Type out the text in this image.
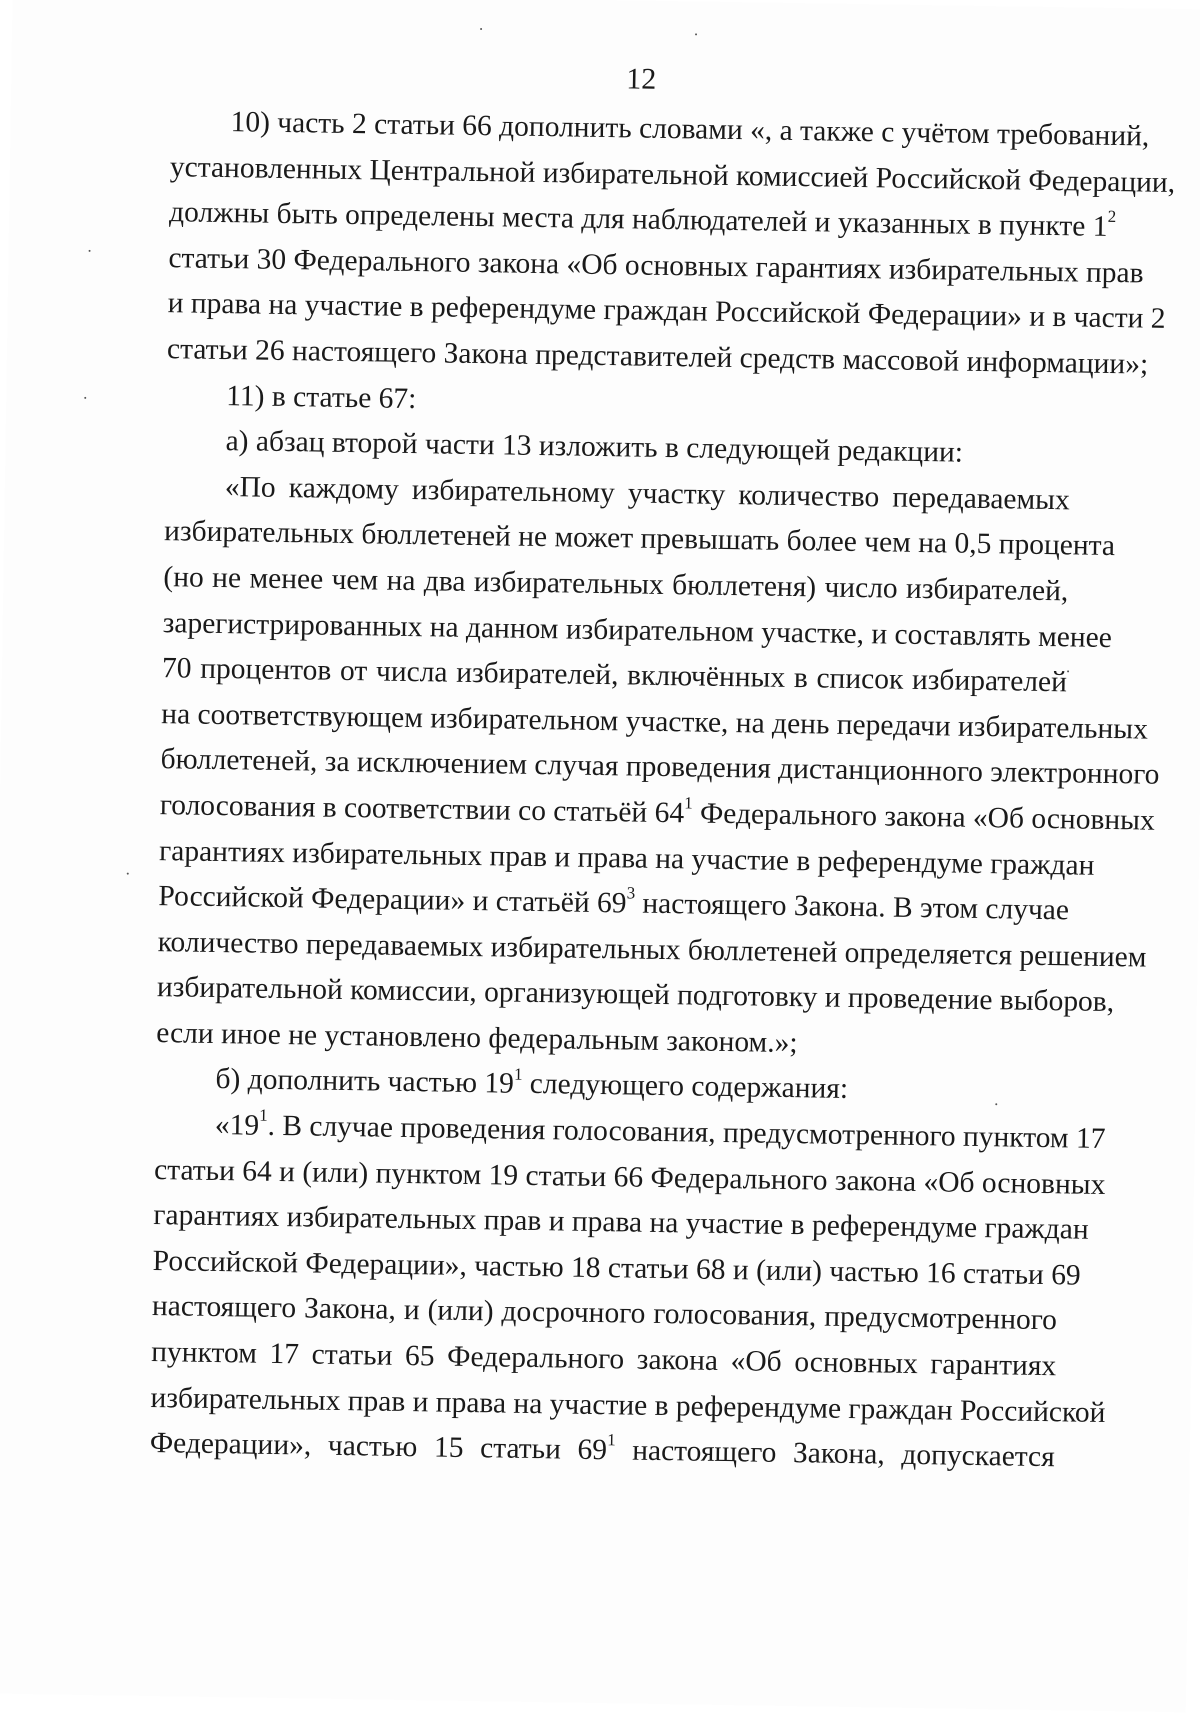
12
10) часть 2 статьи 66 дополнить словами «, а также с учётом требований,
установленных Центральной избирательной комиссией Российской Федерации,
должны быть определены места для наблюдателей и указанных в пункте $1^2$
статьи 30 Федерального закона «Об основных гарантиях избирательных прав
и права на участие в референдуме граждан Российской Федерации» и в части 2
статьи 26 настоящего Закона представителей средств массовой информации»;
11) в статье 67:
а) абзац второй части 13 изложить в следующей редакции:
«По каждому избирательному участку количество передаваемых
избирательных бюллетеней не может превышать более чем на 0,5 процента
(но не менее чем на два избирательных бюллетеня) число избирателей,
зарегистрированных на данном избирательном участке, и составлять менее
70 процентов от числа избирателей, включённых в список избирателей
на соответствующем избирательном участке, на день передачи избирательных
бюллетеней, за исключением случая проведения дистанционного электронного
голосования в соответствии со статьёй $64^1$ Федерального закона «Об основных
гарантиях избирательных прав и права на участие в референдуме граждан
Российской Федерации» и статьёй $69^3$ настоящего Закона. В этом случае
количество передаваемых избирательных бюллетеней определяется решением
избирательной комиссии, организующей подготовку и проведение выборов,
если иное не установлено федеральным законом.»;
б) дополнить частью $19^1$ следующего содержания:
«$19^1$. В случае проведения голосования, предусмотренного пунктом 17
статьи 64 и (или) пунктом 19 статьи 66 Федерального закона «Об основных
гарантиях избирательных прав и права на участие в референдуме граждан
Российской Федерации», частью 18 статьи 68 и (или) частью 16 статьи 69
настоящего Закона, и (или) досрочного голосования, предусмотренного
пунктом 17 статьи 65 Федерального закона «Об основных гарантиях
избирательных прав и права на участие в референдуме граждан Российской
Федерации», частью 15 статьи $69^1$ настоящего Закона, допускается
